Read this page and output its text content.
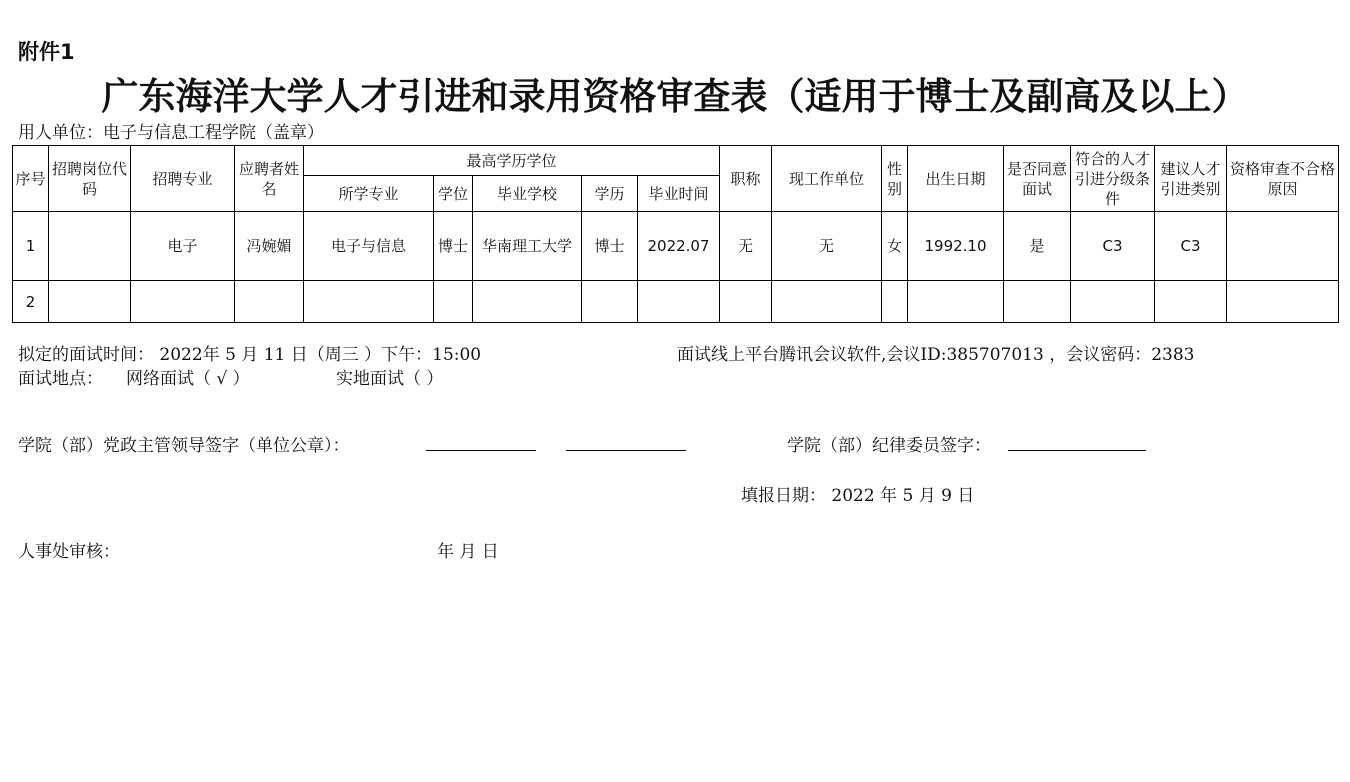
附件1
广东海洋大学人才引进和录用资格审查表（适用于博士及副高及以上）
用人单位：电子与信息工程学院（盖章）
序号	招聘岗位代码	招聘专业	应聘者姓名	最高学历学位					职称	现工作单位	性别	出生日期	是否同意面试	符合的人才引进分级条件	建议人才引进类别	资格审查不合格原因
				所学专业	学位	毕业学校	学历	毕业时间								
1		电子	冯婉媚	电子与信息	博士	华南理工大学	博士	2022.07	无	无	女	1992.10	是	C3	C3	
2																
拟定的面试时间： 2022年 5 月 11 日（周三 ）下午：15:00	面试线上平台腾讯会议软件,会议ID:385707013 ，会议密码：2383
面试地点： 网络面试（ √ ）	实地面试（ ）
学院（部）党政主管领导签字（单位公章）：	学院（部）纪律委员签字：
填报日期： 2022 年 5 月 9 日
人事处审核：	年 月 日
